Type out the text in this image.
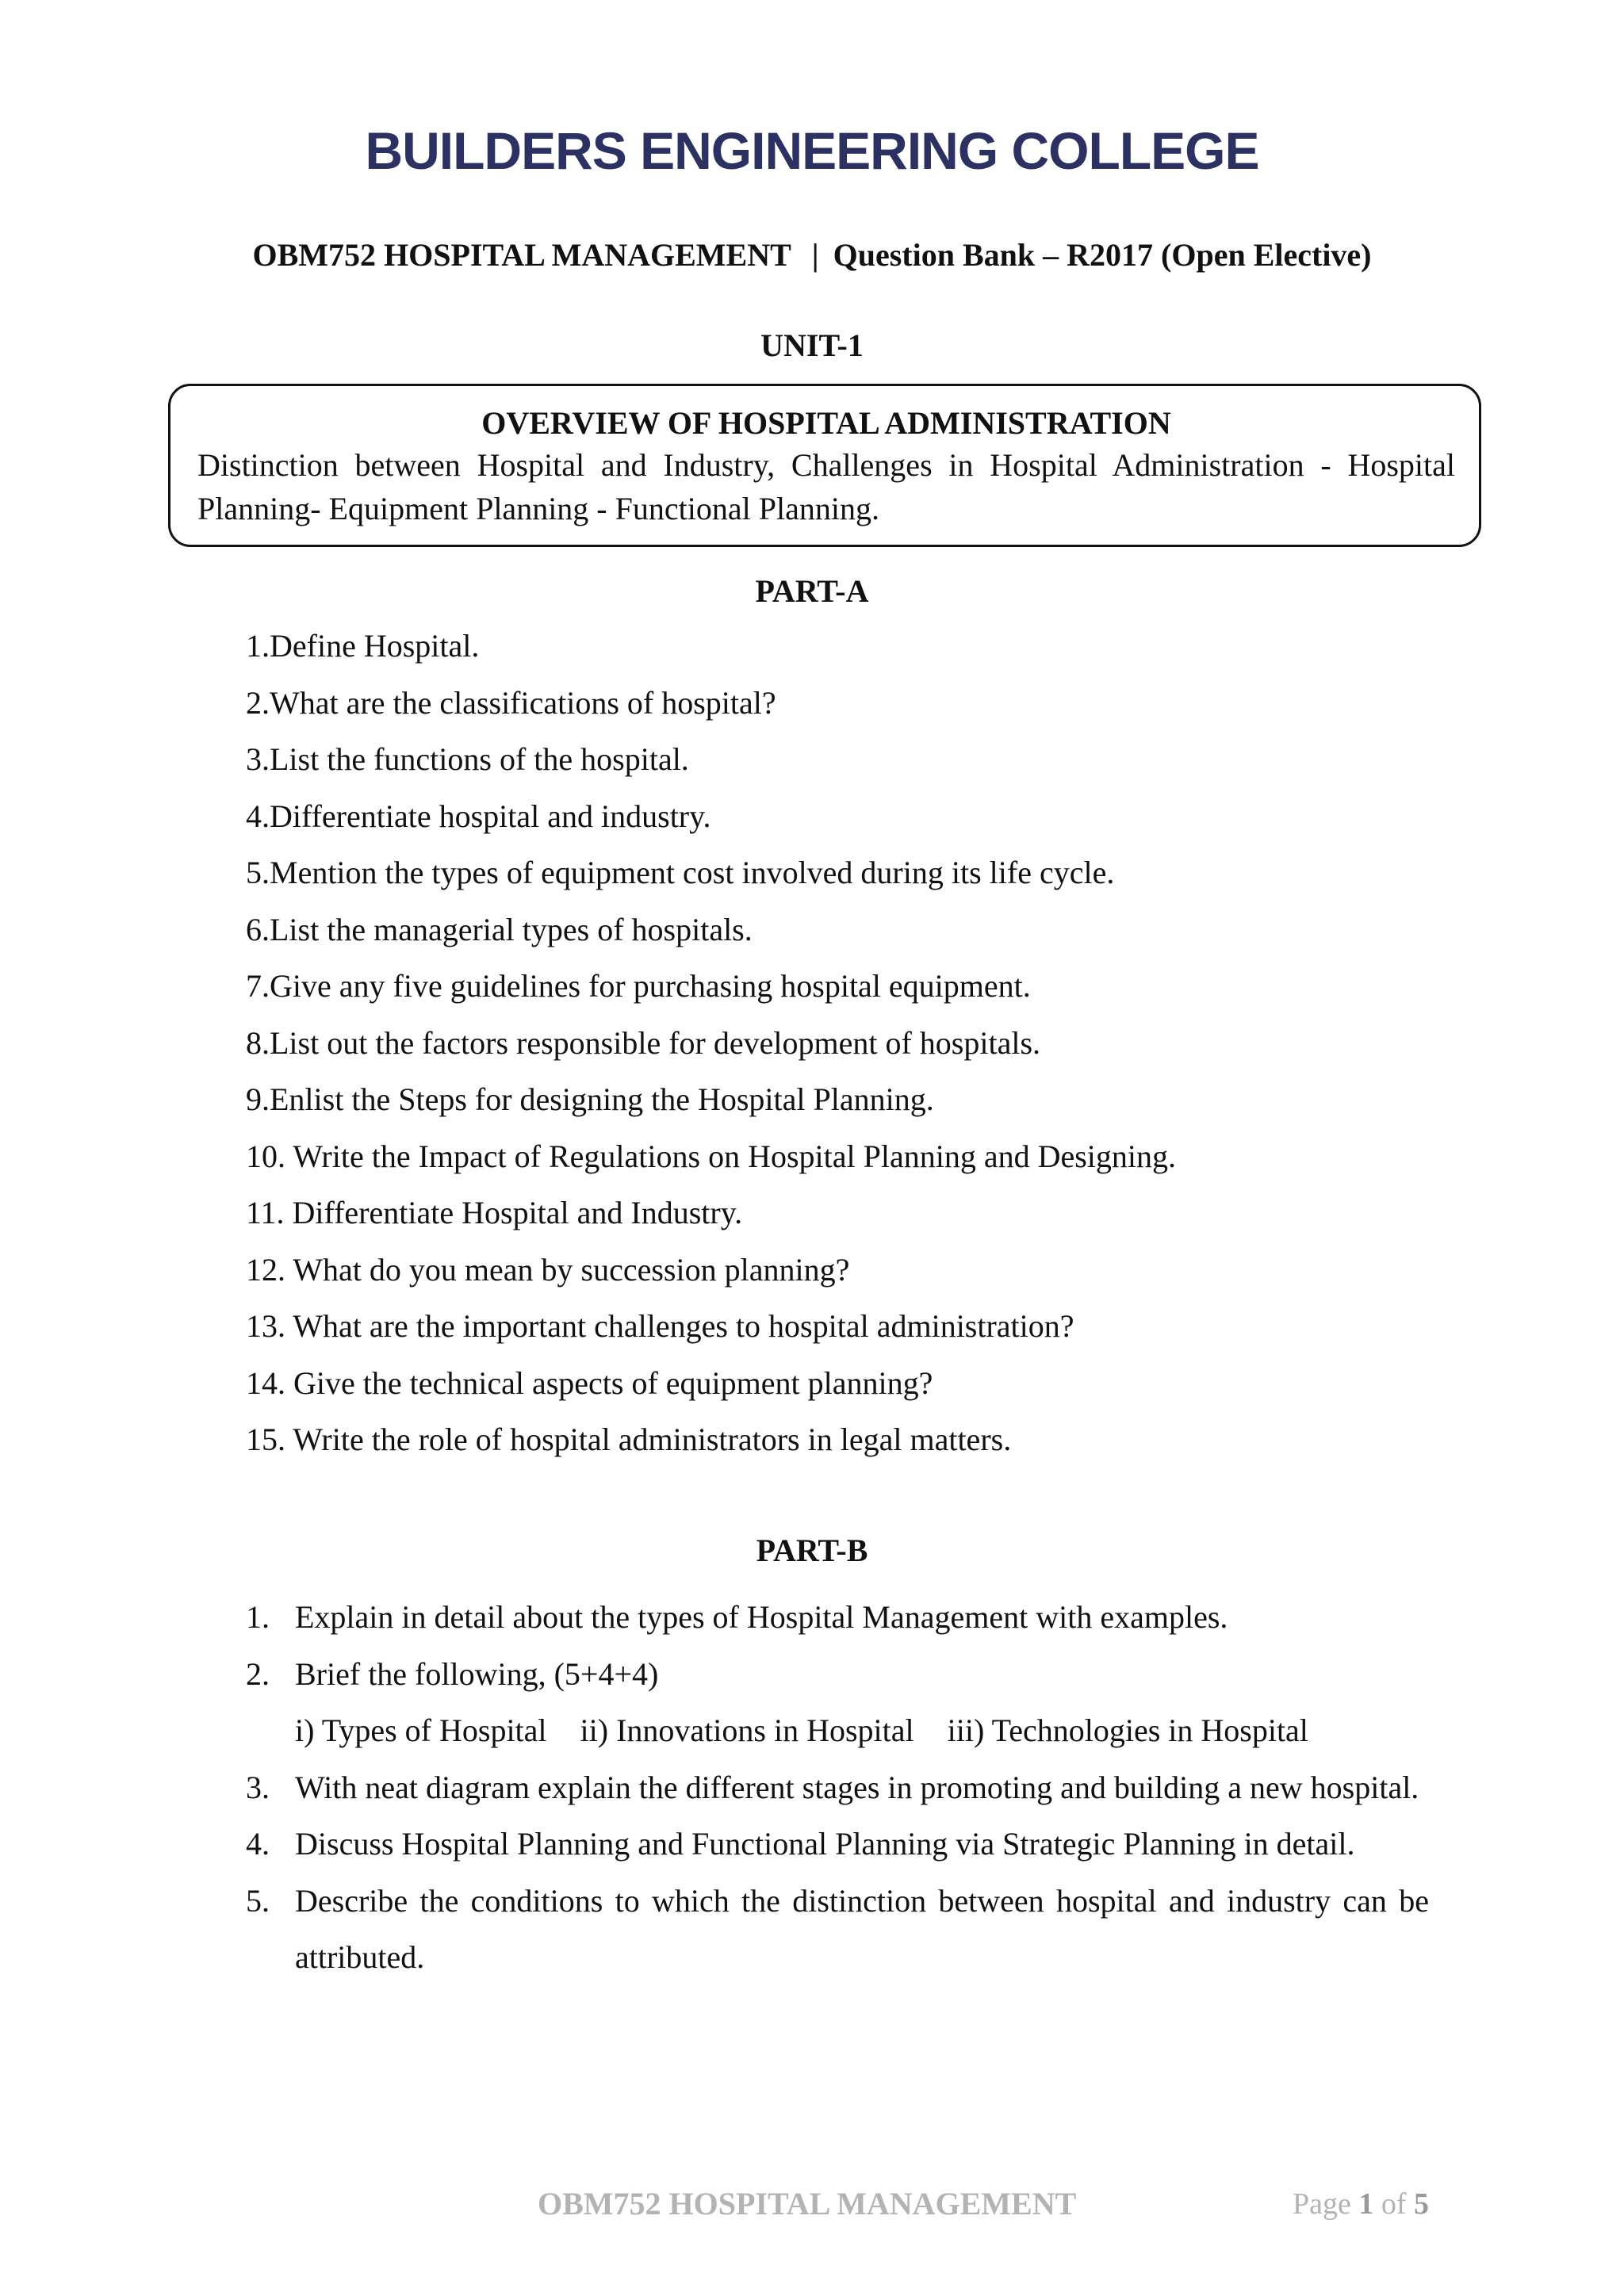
BUILDERS ENGINEERING COLLEGE
OBM752 HOSPITAL MANAGEMENT | Question Bank – R2017 (Open Elective)
UNIT-1
OVERVIEW OF HOSPITAL ADMINISTRATION
Distinction between Hospital and Industry, Challenges in Hospital Administration - Hospital Planning- Equipment Planning - Functional Planning.
PART-A
1.Define Hospital.
2.What are the classifications of hospital?
3.List the functions of the hospital.
4.Differentiate hospital and industry.
5.Mention the types of equipment cost involved during its life cycle.
6.List the managerial types of hospitals.
7.Give any five guidelines for purchasing hospital equipment.
8.List out the factors responsible for development of hospitals.
9.Enlist the Steps for designing the Hospital Planning.
10. Write the Impact of Regulations on Hospital Planning and Designing.
11. Differentiate Hospital and Industry.
12. What do you mean by succession planning?
13. What are the important challenges to hospital administration?
14. Give the technical aspects of equipment planning?
15. Write the role of hospital administrators in legal matters.
PART-B
1. Explain in detail about the types of Hospital Management with examples.
2. Brief the following, (5+4+4)
i) Types of Hospital ii) Innovations in Hospital iii) Technologies in Hospital
3. With neat diagram explain the different stages in promoting and building a new hospital.
4. Discuss Hospital Planning and Functional Planning via Strategic Planning in detail.
5. Describe the conditions to which the distinction between hospital and industry can be attributed.
OBM752 HOSPITAL MANAGEMENT	Page 1 of 5
